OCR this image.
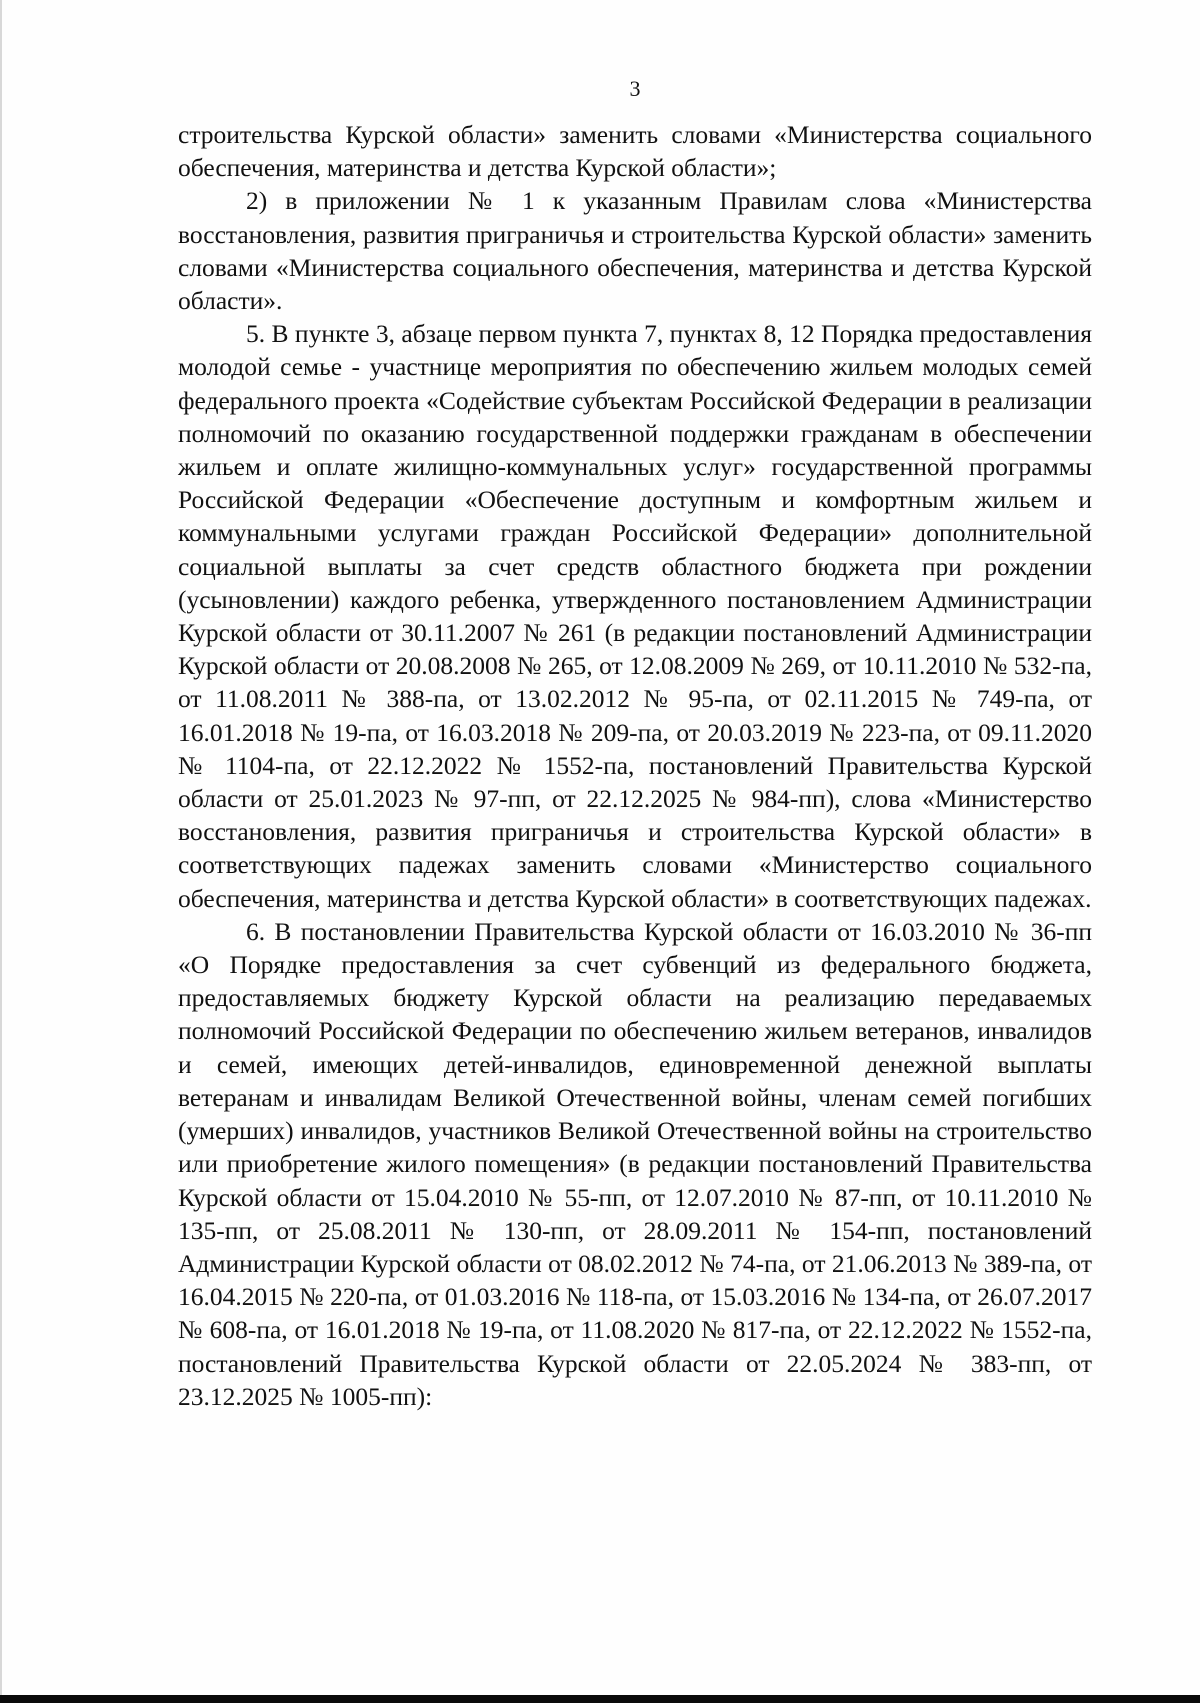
3

строительства Курской области» заменить словами «Министерства социального обеспечения, материнства и детства Курской области»;

2) в приложении № 1 к указанным Правилам слова «Министерства восстановления, развития приграничья и строительства Курской области» заменить словами «Министерства социального обеспечения, материнства и детства Курской области».

5. В пункте 3, абзаце первом пункта 7, пунктах 8, 12 Порядка предоставления молодой семье - участнице мероприятия по обеспечению жильем молодых семей федерального проекта «Содействие субъектам Российской Федерации в реализации полномочий по оказанию государственной поддержки гражданам в обеспечении жильем и оплате жилищно-коммунальных услуг» государственной программы Российской Федерации «Обеспечение доступным и комфортным жильем и коммунальными услугами граждан Российской Федерации» дополнительной социальной выплаты за счет средств областного бюджета при рождении (усыновлении) каждого ребенка, утвержденного постановлением Администрации Курской области от 30.11.2007 № 261 (в редакции постановлений Администрации Курской области от 20.08.2008 № 265, от 12.08.2009 № 269, от 10.11.2010 № 532-па, от 11.08.2011 № 388-па, от 13.02.2012 № 95-па, от 02.11.2015 № 749-па, от 16.01.2018 № 19-па, от 16.03.2018 № 209-па, от 20.03.2019 № 223-па, от 09.11.2020 № 1104-па, от 22.12.2022 № 1552-па, постановлений Правительства Курской области от 25.01.2023 № 97-пп, от 22.12.2025 № 984-пп), слова «Министерство восстановления, развития приграничья и строительства Курской области» в соответствующих падежах заменить словами «Министерство социального обеспечения, материнства и детства Курской области» в соответствующих падежах.

6. В постановлении Правительства Курской области от 16.03.2010 № 36-пп «О Порядке предоставления за счет субвенций из федерального бюджета, предоставляемых бюджету Курской области на реализацию передаваемых полномочий Российской Федерации по обеспечению жильем ветеранов, инвалидов и семей, имеющих детей-инвалидов, единовременной денежной выплаты ветеранам и инвалидам Великой Отечественной войны, членам семей погибших (умерших) инвалидов, участников Великой Отечественной войны на строительство или приобретение жилого помещения» (в редакции постановлений Правительства Курской области от 15.04.2010 № 55-пп, от 12.07.2010 № 87-пп, от 10.11.2010 № 135-пп, от 25.08.2011 № 130-пп, от 28.09.2011 № 154-пп, постановлений Администрации Курской области от 08.02.2012 № 74-па, от 21.06.2013 № 389-па, от 16.04.2015 № 220-па, от 01.03.2016 № 118-па, от 15.03.2016 № 134-па, от 26.07.2017 № 608-па, от 16.01.2018 № 19-па, от 11.08.2020 № 817-па, от 22.12.2022 № 1552-па, постановлений Правительства Курской области от 22.05.2024 № 383-пп, от 23.12.2025 № 1005-пп):
